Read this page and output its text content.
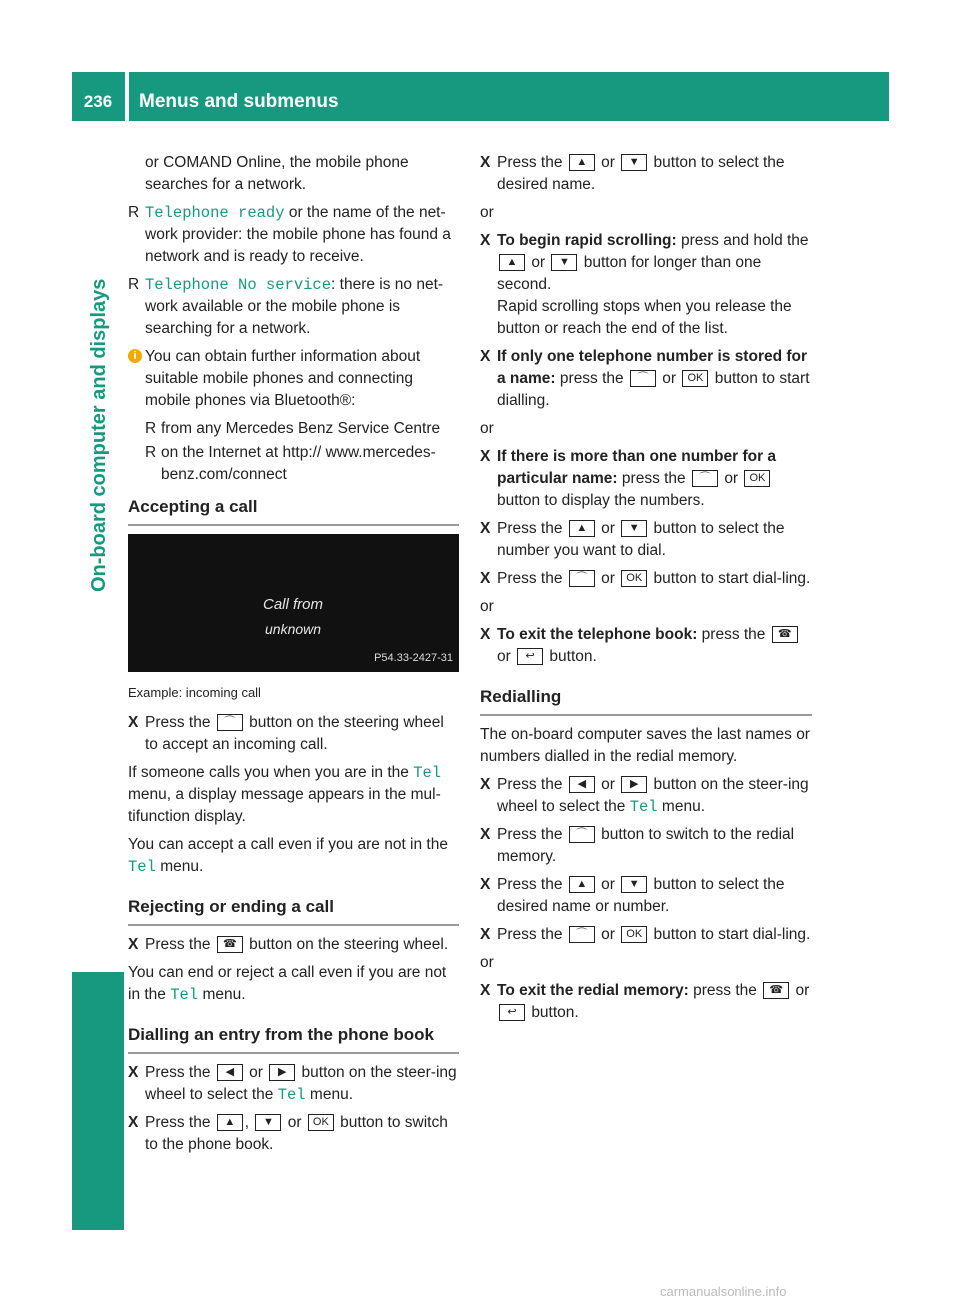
236	Menus and submenus
On-board computer and displays
or COMAND Online, the mobile phone searches for a network.
R Telephone ready or the name of the net-work provider: the mobile phone has found a network and is ready to receive.
R Telephone No service: there is no net-work available or the mobile phone is searching for a network.
i You can obtain further information about suitable mobile phones and connecting mobile phones via Bluetooth®:
R from any Mercedes Benz Service Centre
R on the Internet at http:// www.mercedes-benz.com/connect
Accepting a call
Call from
unknown
P54.33-2427-31
Example: incoming call
X Press the ⌒ button on the steering wheel to accept an incoming call.

If someone calls you when you are in the Tel menu, a display message appears in the mul-tifunction display.

You can accept a call even if you are not in the Tel menu.

Rejecting or ending a call
X Press the ☎ button on the steering wheel.

You can end or reject a call even if you are not in the Tel menu.

Dialling an entry from the phone book
X Press the ◀ or ▶ button on the steer-ing wheel to select the Tel menu.
X Press the ▲ , ▼ or OK button to switch to the phone book.
X Press the ▲ or ▼ button to select the desired name.

or

X To begin rapid scrolling: press and hold the ▲ or ▼ button for longer than one second.
Rapid scrolling stops when you release the button or reach the end of the list.
X If only one telephone number is stored for a name: press the ⌒ or OK button to start dialling.

or

X If there is more than one number for a particular name: press the ⌒ or OK button to display the numbers.
X Press the ▲ or ▼ button to select the number you want to dial.
X Press the ⌒ or OK button to start dial-ling.

or

X To exit the telephone book: press the ☎ or ↩ button.
Redialling

The on-board computer saves the last names or numbers dialled in the redial memory.

X Press the ◀ or ▶ button on the steer-ing wheel to select the Tel menu.
X Press the ⌒ button to switch to the redial memory.
X Press the ▲ or ▼ button to select the desired name or number.
X Press the ⌒ or OK button to start dial-ling.

or

X To exit the redial memory: press the ☎ or ↩ button.
carmanualsonline.info
